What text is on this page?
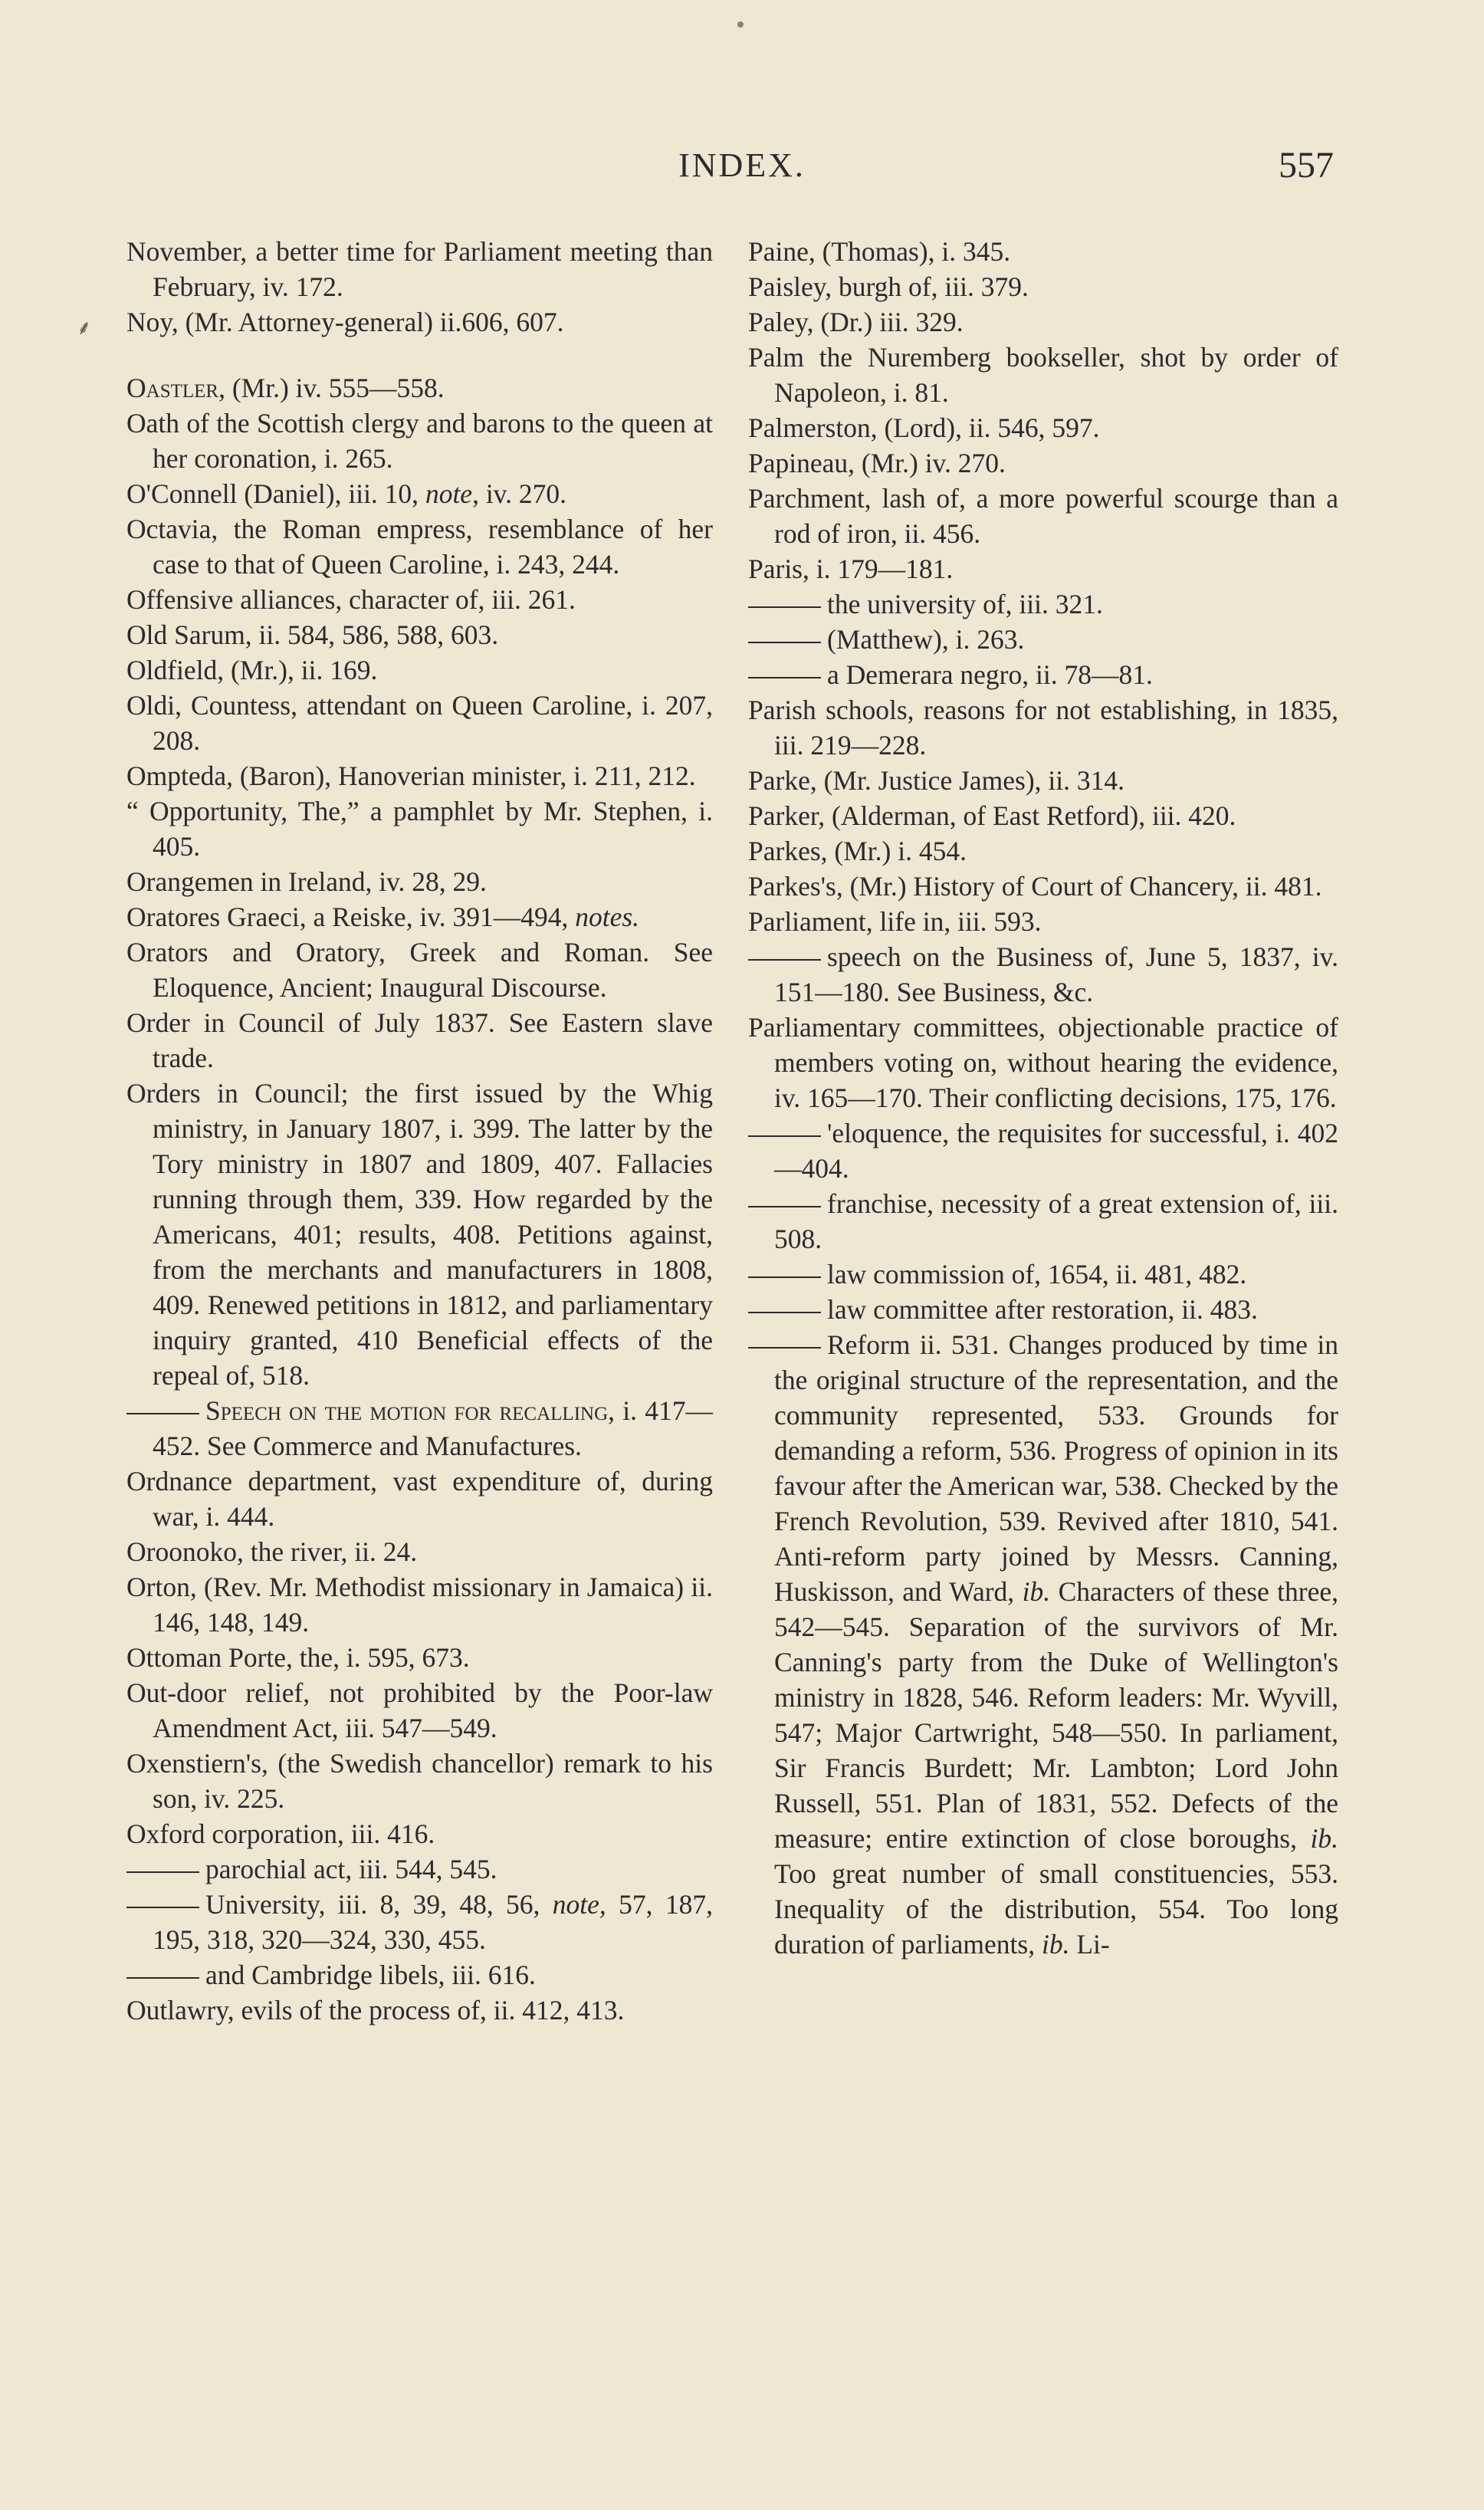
⸙
INDEX.	557

November, a better time for Parliament meeting than February, iv. 172.

Noy, (Mr. Attorney-general) ii.606, 607.

Oastler, (Mr.) iv. 555—558.

Oath of the Scottish clergy and barons to the queen at her coronation, i. 265.

O'Connell (Daniel), iii. 10, note, iv. 270.

Octavia, the Roman empress, resemblance of her case to that of Queen Caroline, i. 243, 244.

Offensive alliances, character of, iii. 261.

Old Sarum, ii. 584, 586, 588, 603.

Oldfield, (Mr.), ii. 169.

Oldi, Countess, attendant on Queen Caroline, i. 207, 208.

Ompteda, (Baron), Hanoverian minister, i. 211, 212.

“ Opportunity, The,” a pamphlet by Mr. Stephen, i. 405.

Orangemen in Ireland, iv. 28, 29.

Oratores Graeci, a Reiske, iv. 391—494, notes.

Orators and Oratory, Greek and Roman. See Eloquence, Ancient; Inaugural Discourse.

Order in Council of July 1837. See Eastern slave trade.

Orders in Council; the first issued by the Whig ministry, in January 1807, i. 399. The latter by the Tory ministry in 1807 and 1809, 407. Fallacies running through them, 339. How regarded by the Americans, 401; results, 408. Petitions against, from the merchants and manufacturers in 1808, 409. Renewed petitions in 1812, and parliamentary inquiry granted, 410 Beneficial effects of the repeal of, 518.

Speech on the motion for recalling, i. 417—452. See Commerce and Manufactures.

Ordnance department, vast expenditure of, during war, i. 444.

Oroonoko, the river, ii. 24.

Orton, (Rev. Mr. Methodist missionary in Jamaica) ii. 146, 148, 149.

Ottoman Porte, the, i. 595, 673.

Out-door relief, not prohibited by the Poor-law Amendment Act, iii. 547—549.

Oxenstiern's, (the Swedish chancellor) remark to his son, iv. 225.

Oxford corporation, iii. 416.

parochial act, iii. 544, 545.

University, iii. 8, 39, 48, 56, note, 57, 187, 195, 318, 320—324, 330, 455.

and Cambridge libels, iii. 616.

Outlawry, evils of the process of, ii. 412, 413.

Paine, (Thomas), i. 345.

Paisley, burgh of, iii. 379.

Paley, (Dr.) iii. 329.

Palm the Nuremberg bookseller, shot by order of Napoleon, i. 81.

Palmerston, (Lord), ii. 546, 597.

Papineau, (Mr.) iv. 270.

Parchment, lash of, a more powerful scourge than a rod of iron, ii. 456.

Paris, i. 179—181.

the university of, iii. 321.

(Matthew), i. 263.

a Demerara negro, ii. 78—81.

Parish schools, reasons for not establishing, in 1835, iii. 219—228.

Parke, (Mr. Justice James), ii. 314.

Parker, (Alderman, of East Retford), iii. 420.

Parkes, (Mr.) i. 454.

Parkes's, (Mr.) History of Court of Chancery, ii. 481.

Parliament, life in, iii. 593.

speech on the Business of, June 5, 1837, iv. 151—180. See Business, &c.

Parliamentary committees, objectionable practice of members voting on, without hearing the evidence, iv. 165—170. Their conflicting decisions, 175, 176.

'eloquence, the requisites for successful, i. 402—404.

franchise, necessity of a great extension of, iii. 508.

law commission of, 1654, ii. 481, 482.

law committee after restoration, ii. 483.

Reform ii. 531. Changes produced by time in the original structure of the representation, and the community represented, 533. Grounds for demanding a reform, 536. Progress of opinion in its favour after the American war, 538. Checked by the French Revolution, 539. Revived after 1810, 541. Anti-reform party joined by Messrs. Canning, Huskisson, and Ward, ib. Characters of these three, 542—545. Separation of the survivors of Mr. Canning's party from the Duke of Wellington's ministry in 1828, 546. Reform leaders: Mr. Wyvill, 547; Major Cartwright, 548—550. In parliament, Sir Francis Burdett; Mr. Lambton; Lord John Russell, 551. Plan of 1831, 552. Defects of the measure; entire extinction of close boroughs, ib. Too great number of small constituencies, 553. Inequality of the distribution, 554. Too long duration of parliaments, ib. Li-
